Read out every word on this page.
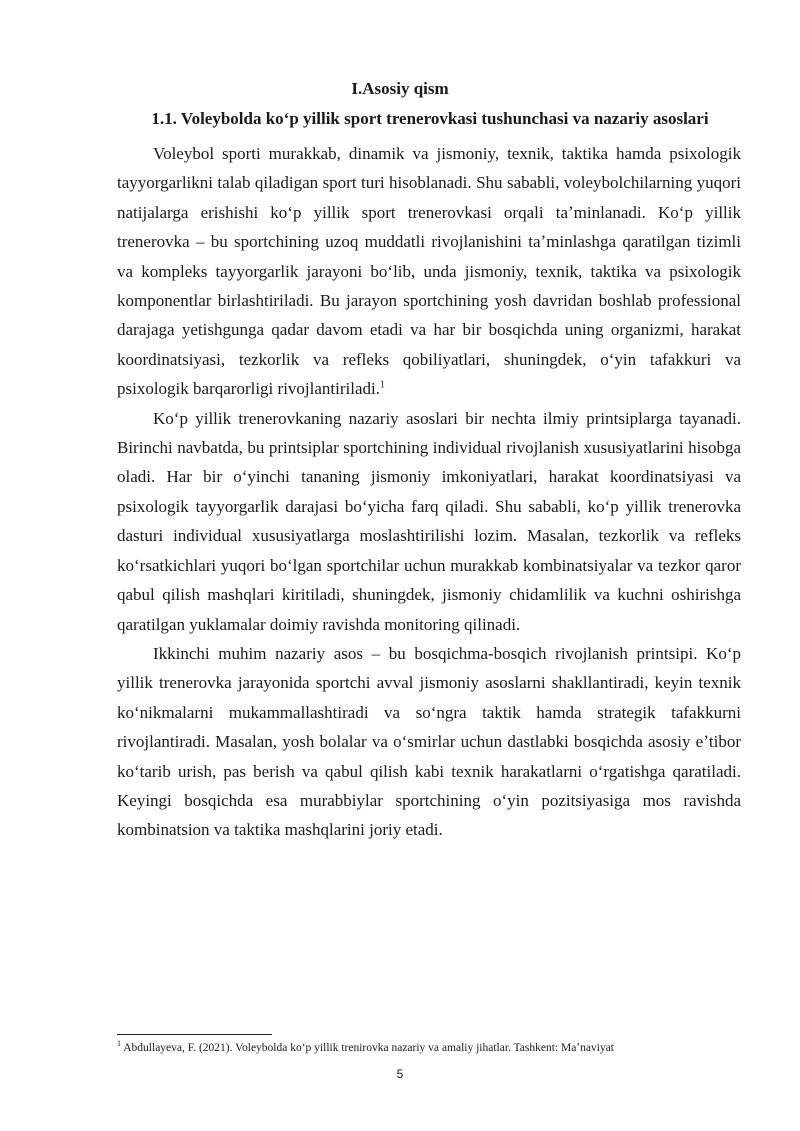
I.Asosiy qism
1.1. Voleybolda koʻp yillik sport trenerovkasi tushunchasi va nazariy asoslari

Voleybol sporti murakkab, dinamik va jismoniy, texnik, taktika hamda psixologik tayyorgarlikni talab qiladigan sport turi hisoblanadi. Shu sababli, voleybolchilarning yuqori natijalarga erishishi koʻp yillik sport trenerovkasi orqali taʼminlanadi. Koʻp yillik trenerovka – bu sportchining uzoq muddatli rivojlanishini taʼminlashga qaratilgan tizimli va kompleks tayyorgarlik jarayoni boʻlib, unda jismoniy, texnik, taktika va psixologik komponentlar birlashtiriladi. Bu jarayon sportchining yosh davridan boshlab professional darajaga yetishgunga qadar davom etadi va har bir bosqichda uning organizmi, harakat koordinatsiyasi, tezkorlik va refleks qobiliyatlari, shuningdek, oʻyin tafakkuri va psixologik barqarorligi rivojlantiriladi.$^1$

Koʻp yillik trenerovkaning nazariy asoslari bir nechta ilmiy printsiplarga tayanadi. Birinchi navbatda, bu printsiplar sportchining individual rivojlanish xususiyatlarini hisobga oladi. Har bir oʻyinchi tananing jismoniy imkoniyatlari, harakat koordinatsiyasi va psixologik tayyorgarlik darajasi boʻyicha farq qiladi. Shu sababli, koʻp yillik trenerovka dasturi individual xususiyatlarga moslashtirilishi lozim. Masalan, tezkorlik va refleks koʻrsatkichlari yuqori boʻlgan sportchilar uchun murakkab kombinatsiyalar va tezkor qaror qabul qilish mashqlari kiritiladi, shuningdek, jismoniy chidamlilik va kuchni oshirishga qaratilgan yuklamalar doimiy ravishda monitoring qilinadi.

Ikkinchi muhim nazariy asos – bu bosqichma-bosqich rivojlanish printsipi. Koʻp yillik trenerovka jarayonida sportchi avval jismoniy asoslarni shakllantiradi, keyin texnik koʻnikmalarni mukammallashtiradi va soʻngra taktik hamda strategik tafakkurni rivojlantiradi. Masalan, yosh bolalar va oʻsmirlar uchun dastlabki bosqichda asosiy eʼtibor koʻtarib urish, pas berish va qabul qilish kabi texnik harakatlarni oʻrgatishga qaratiladi. Keyingi bosqichda esa murabbiylar sportchining oʻyin pozitsiyasiga mos ravishda kombinatsion va taktika mashqlarini joriy etadi.

$^1$ Abdullayeva, F. (2021). Voleybolda koʻp yillik trenirovka nazariy va amaliy jihatlar. Tashkent: Maʼnaviyat

5
